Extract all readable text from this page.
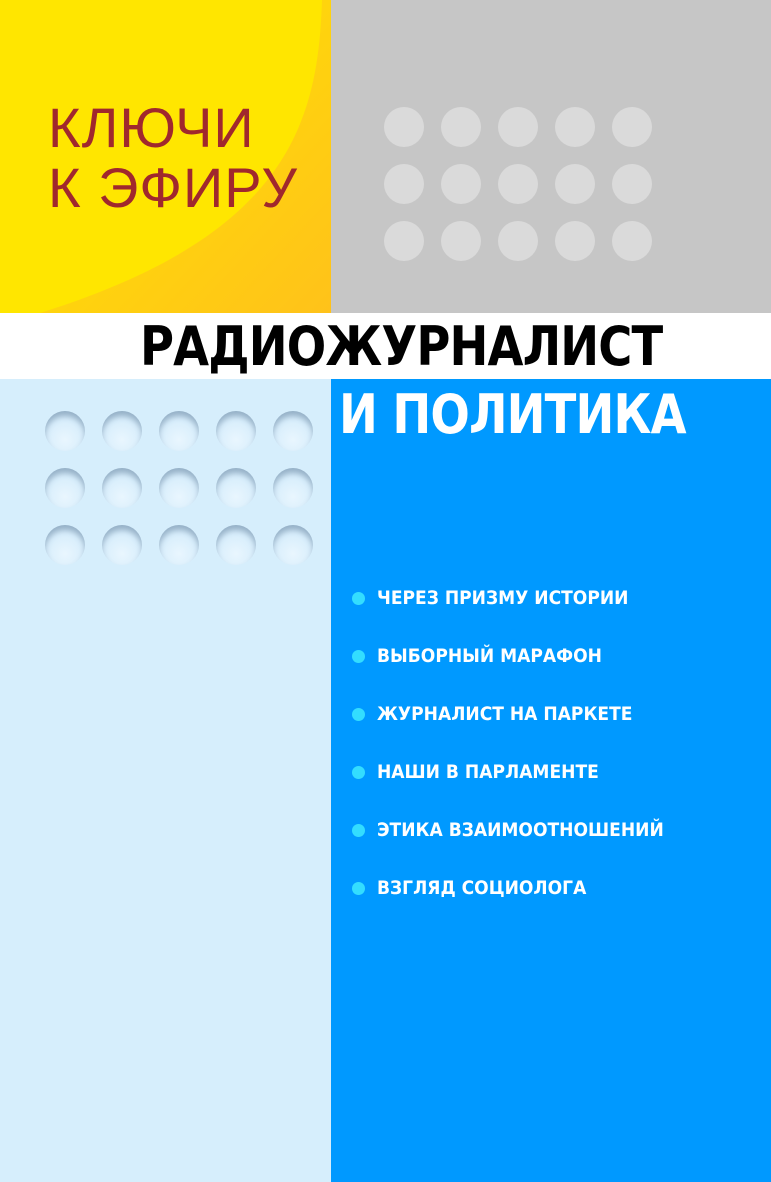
КЛЮЧИ
К ЭФИРУ
РАДИОЖУРНАЛИСТ
И ПОЛИТИКА
ЧЕРЕЗ ПРИЗМУ ИСТОРИИ
ВЫБОРНЫЙ МАРАФОН
ЖУРНАЛИСТ НА ПАРКЕТЕ
НАШИ В ПАРЛАМЕНТЕ
ЭТИКА ВЗАИМООТНОШЕНИЙ
ВЗГЛЯД СОЦИОЛОГА
